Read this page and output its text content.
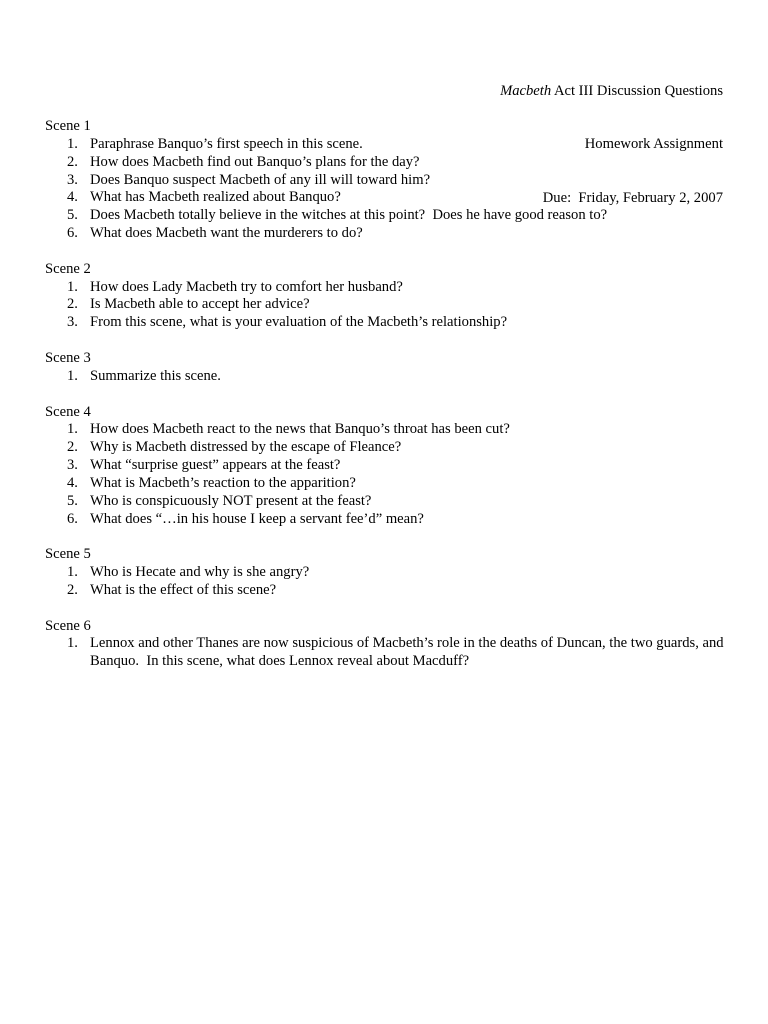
Macbeth Act III Discussion Questions

Homework Assignment

Due:  Friday, February 2, 2007

Scene 1
1. Paraphrase Banquo’s first speech in this scene.
2. How does Macbeth find out Banquo’s plans for the day?
3. Does Banquo suspect Macbeth of any ill will toward him?
4. What has Macbeth realized about Banquo?
5. Does Macbeth totally believe in the witches at this point?  Does he have good reason to?
6. What does Macbeth want the murderers to do?
Scene 2
1. How does Lady Macbeth try to comfort her husband?
2. Is Macbeth able to accept her advice?
3. From this scene, what is your evaluation of the Macbeth’s relationship?
Scene 3
1. Summarize this scene.
Scene 4
1. How does Macbeth react to the news that Banquo’s throat has been cut?
2. Why is Macbeth distressed by the escape of Fleance?
3. What “surprise guest” appears at the feast?
4. What is Macbeth’s reaction to the apparition?
5. Who is conspicuously NOT present at the feast?
6. What does “…in his house I keep a servant fee’d” mean?
Scene 5
1. Who is Hecate and why is she angry?
2. What is the effect of this scene?
Scene 6
1. Lennox and other Thanes are now suspicious of Macbeth’s role in the deaths of Duncan, the two guards, and Banquo.  In this scene, what does Lennox reveal about Macduff?
